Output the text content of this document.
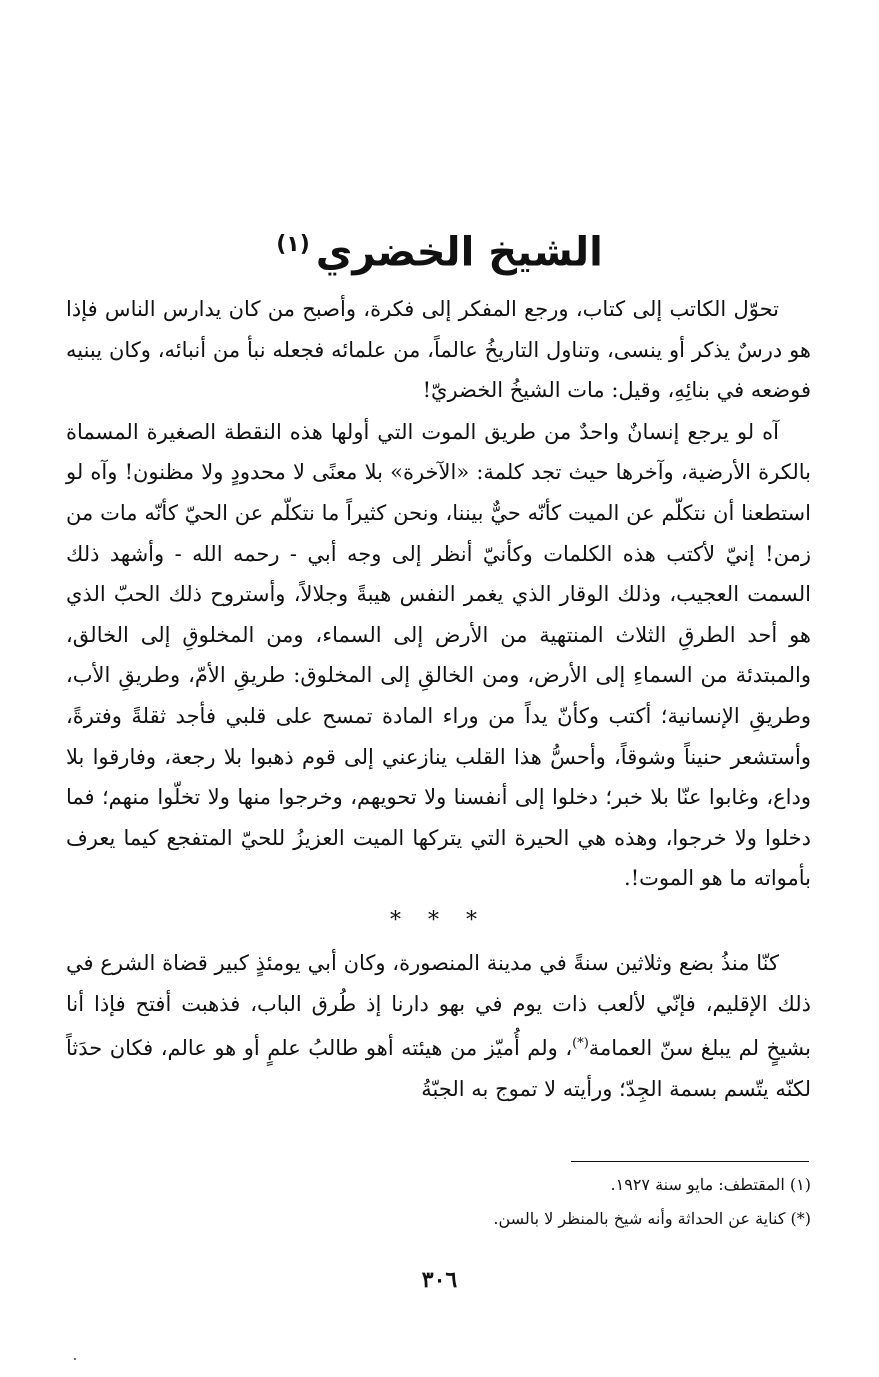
الشيخ الخضري$^{(١)}$

تحوّل الكاتب إلى كتاب، ورجع المفكر إلى فكرة، وأصبح من كان يدارس الناس فإذا هو درسٌ يذكر أو ينسى، وتناول التاريخُ عالماً، من علمائه فجعله نبأ من أنبائه، وكان يبنيه فوضعه في بنائِهِ، وقيل: مات الشيخُ الخضريّ!

آه لو يرجع إنسانٌ واحدٌ من طريق الموت التي أولها هذه النقطة الصغيرة المسماة بالكرة الأرضية، وآخرها حيث تجد كلمة: «الآخرة» بلا معنًى لا محدودٍ ولا مظنون! وآه لو استطعنا أن نتكلّم عن الميت كأنّه حيٌّ بيننا، ونحن كثيراً ما نتكلّم عن الحيّ كأنّه مات من زمن! إنيّ لأكتب هذه الكلمات وكأنيّ أنظر إلى وجه أبي - رحمه الله - وأشهد ذلك السمت العجيب، وذلك الوقار الذي يغمر النفس هيبةً وجلالاً، وأستروح ذلك الحبّ الذي هو أحد الطرقِ الثلاث المنتهية من الأرض إلى السماء، ومن المخلوقِ إلى الخالق، والمبتدئة من السماءِ إلى الأرض، ومن الخالقِ إلى المخلوق: طريقِ الأمّ، وطريقِ الأب، وطريقِ الإنسانية؛ أكتب وكأنّ يداً من وراء المادة تمسح على قلبي فأجد ثقلةً وفترةً، وأستشعر حنيناً وشوقاً، وأحسُّ هذا القلب ينازعني إلى قوم ذهبوا بلا رجعة، وفارقوا بلا وداع، وغابوا عنّا بلا خبر؛ دخلوا إلى أنفسنا ولا تحويهم، وخرجوا منها ولا تخلّوا منهم؛ فما دخلوا ولا خرجوا، وهذه هي الحيرة التي يتركها الميت العزيزُ للحيّ المتفجع كيما يعرف بأمواته ما هو الموت!.

* * *

كنّا منذُ بضع وثلاثين سنةً في مدينة المنصورة، وكان أبي يومئذٍ كبير قضاة الشرع في ذلك الإقليم، فإنّي لألعب ذات يوم في بهو دارنا إذ طُرق الباب، فذهبت أفتح فإذا أنا بشيخٍ لم يبلغ سنّ العمامة(*)، ولم أُميّز من هيئته أهو طالبُ علمٍ أو هو عالم، فكان حدَثاً لكنّه يتّسم بسمة الجِدّ؛ ورأيته لا تموج به الجبّةُ

(١) المقتطف: مايو سنة ١٩٢٧.
(*) كناية عن الحداثة وأنه شيخ بالمنظر لا بالسن.
٣٠٦
